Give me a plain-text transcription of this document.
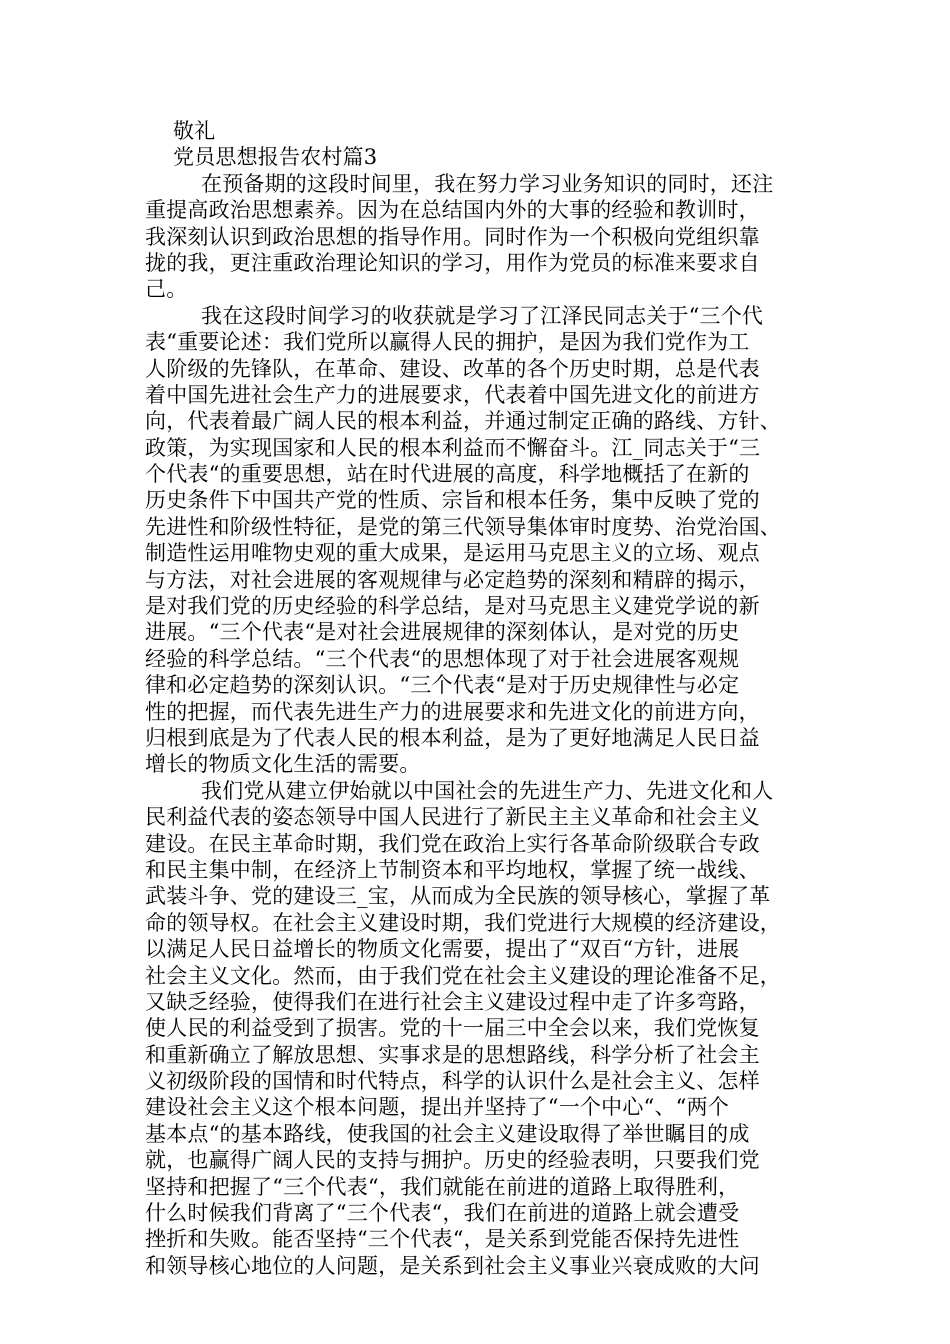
敬礼
党员思想报告农村篇3
在预备期的这段时间里，我在努力学习业务知识的同时，还注
重提高政治思想素养。因为在总结国内外的大事的经验和教训时，
我深刻认识到政治思想的指导作用。同时作为一个积极向党组织靠
拢的我，更注重政治理论知识的学习，用作为党员的标准来要求自
己。
我在这段时间学习的收获就是学习了江泽民同志关于“三个代
表“重要论述：我们党所以赢得人民的拥护，是因为我们党作为工
人阶级的先锋队，在革命、建设、改革的各个历史时期，总是代表
着中国先进社会生产力的进展要求，代表着中国先进文化的前进方
向，代表着最广阔人民的根本利益，并通过制定正确的路线、方针、
政策，为实现国家和人民的根本利益而不懈奋斗。江_同志关于“三
个代表“的重要思想，站在时代进展的高度，科学地概括了在新的
历史条件下中国共产党的性质、宗旨和根本任务，集中反映了党的
先进性和阶级性特征，是党的第三代领导集体审时度势、治党治国、
制造性运用唯物史观的重大成果，是运用马克思主义的立场、观点
与方法，对社会进展的客观规律与必定趋势的深刻和精辟的揭示，
是对我们党的历史经验的科学总结，是对马克思主义建党学说的新
进展。“三个代表“是对社会进展规律的深刻体认，是对党的历史
经验的科学总结。“三个代表“的思想体现了对于社会进展客观规
律和必定趋势的深刻认识。“三个代表“是对于历史规律性与必定
性的把握，而代表先进生产力的进展要求和先进文化的前进方向，
归根到底是为了代表人民的根本利益，是为了更好地满足人民日益
增长的物质文化生活的需要。
我们党从建立伊始就以中国社会的先进生产力、先进文化和人
民利益代表的姿态领导中国人民进行了新民主主义革命和社会主义
建设。在民主革命时期，我们党在政治上实行各革命阶级联合专政
和民主集中制，在经济上节制资本和平均地权，掌握了统一战线、
武装斗争、党的建设三_宝，从而成为全民族的领导核心，掌握了革
命的领导权。在社会主义建设时期，我们党进行大规模的经济建设，
以满足人民日益增长的物质文化需要，提出了“双百“方针，进展
社会主义文化。然而，由于我们党在社会主义建设的理论准备不足，
又缺乏经验，使得我们在进行社会主义建设过程中走了许多弯路，
使人民的利益受到了损害。党的十一届三中全会以来，我们党恢复
和重新确立了解放思想、实事求是的思想路线，科学分析了社会主
义初级阶段的国情和时代特点，科学的认识什么是社会主义、怎样
建设社会主义这个根本问题，提出并坚持了“一个中心“、“两个
基本点“的基本路线，使我国的社会主义建设取得了举世瞩目的成
就，也赢得广阔人民的支持与拥护。历史的经验表明，只要我们党
坚持和把握了“三个代表“，我们就能在前进的道路上取得胜利，
什么时候我们背离了“三个代表“，我们在前进的道路上就会遭受
挫折和失败。能否坚持“三个代表“，是关系到党能否保持先进性
和领导核心地位的人问题，是关系到社会主义事业兴衰成败的大问
